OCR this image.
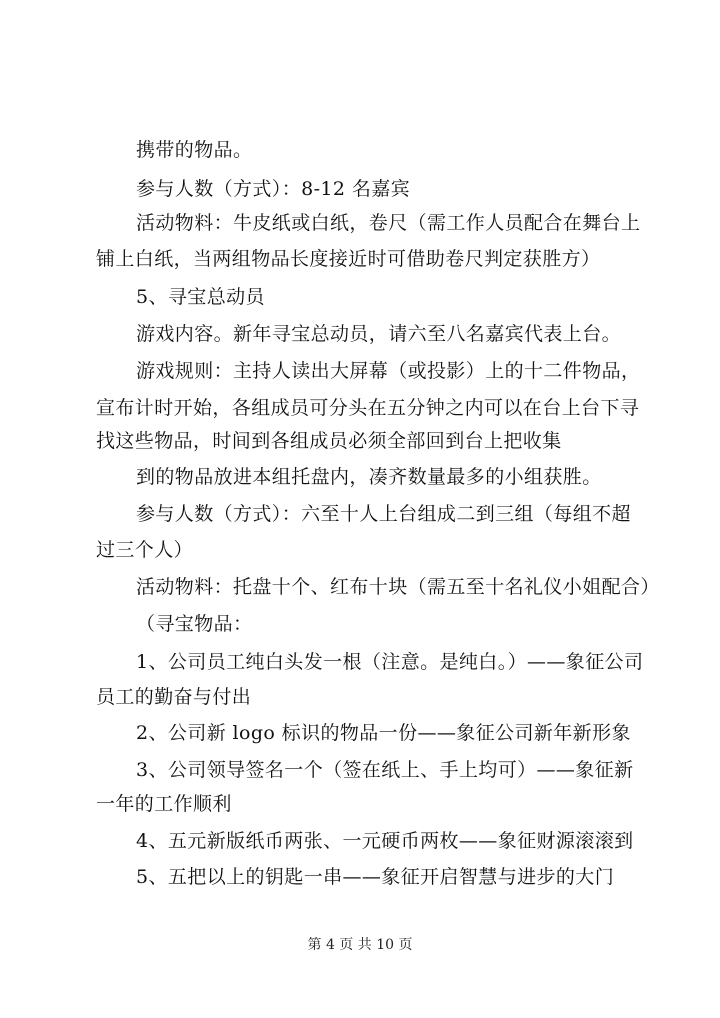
携带的物品。
参与人数（方式）：8-12 名嘉宾
活动物料：牛皮纸或白纸，卷尺（需工作人员配合在舞台上
铺上白纸，当两组物品长度接近时可借助卷尺判定获胜方）
5、寻宝总动员
游戏内容。新年寻宝总动员，请六至八名嘉宾代表上台。
游戏规则：主持人读出大屏幕（或投影）上的十二件物品，
宣布计时开始，各组成员可分头在五分钟之内可以在台上台下寻
找这些物品，时间到各组成员必须全部回到台上把收集
到的物品放进本组托盘内，凑齐数量最多的小组获胜。
参与人数（方式）：六至十人上台组成二到三组（每组不超
过三个人）
活动物料：托盘十个、红布十块（需五至十名礼仪小姐配合）
（寻宝物品：
1、公司员工纯白头发一根（注意。是纯白。）——象征公司
员工的勤奋与付出
2、公司新 logo 标识的物品一份——象征公司新年新形象
3、公司领导签名一个（签在纸上、手上均可）——象征新
一年的工作顺利
4、五元新版纸币两张、一元硬币两枚——象征财源滚滚到
5、五把以上的钥匙一串——象征开启智慧与进步的大门
第 4 页 共 10 页
